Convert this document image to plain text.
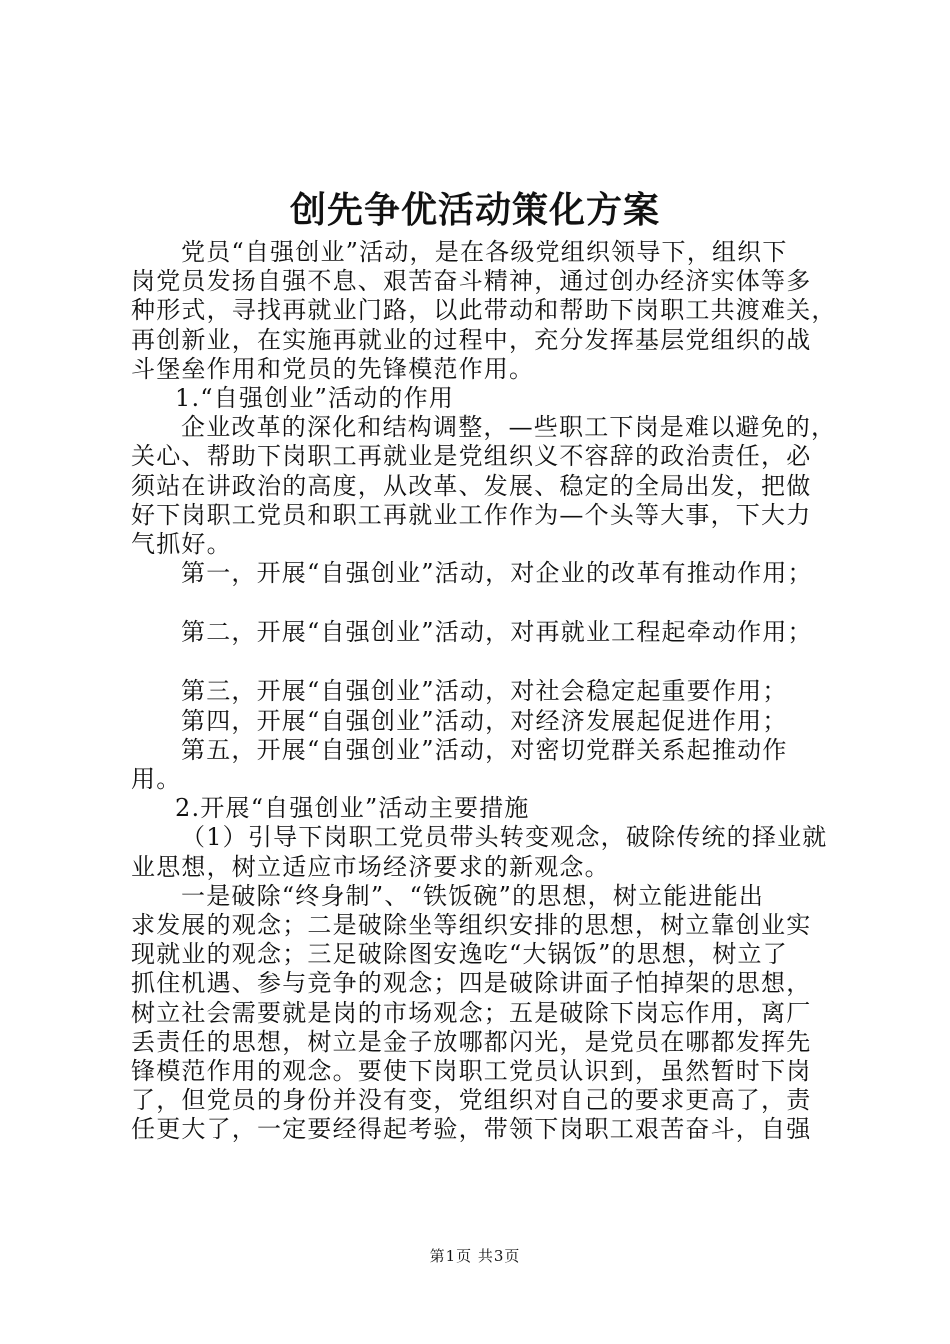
创先争优活动策化方案
党员“自强创业”活动，是在各级党组织领导下，组织下
岗党员发扬自强不息、艰苦奋斗精神，通过创办经济实体等多
种形式，寻找再就业门路，以此带动和帮助下岗职工共渡难关，
再创新业，在实施再就业的过程中，充分发挥基层党组织的战
斗堡垒作用和党员的先锋模范作用。
1.“自强创业”活动的作用
企业改革的深化和结构调整，—些职工下岗是难以避免的，
关心、帮助下岗职工再就业是党组织义不容辞的政治责任，必
须站在讲政治的高度，从改革、发展、稳定的全局出发，把做
好下岗职工党员和职工再就业工作作为—个头等大事，下大力
气抓好。
第一，开展“自强创业”活动，对企业的改革有推动作用；
第二，开展“自强创业”活动，对再就业工程起牵动作用；
第三，开展“自强创业”活动，对社会稳定起重要作用；
第四，开展“自强创业”活动，对经济发展起促进作用；
第五，开展“自强创业”活动，对密切党群关系起推动作
用。
2.开展“自强创业”活动主要措施
（1）引导下岗职工党员带头转变观念，破除传统的择业就
业思想，树立适应市场经济要求的新观念。
一是破除“终身制”、“铁饭碗”的思想，树立能进能出
求发展的观念；二是破除坐等组织安排的思想，树立靠创业实
现就业的观念；三足破除图安逸吃“大锅饭”的思想，树立了
抓住机遇、参与竞争的观念；四是破除讲面子怕掉架的思想，
树立社会需要就是岗的市场观念；五是破除下岗忘作用，离厂
丢责任的思想，树立是金子放哪都闪光，是党员在哪都发挥先
锋模范作用的观念。要使下岗职工党员认识到，虽然暂时下岗
了，但党员的身份并没有变，党组织对自己的要求更高了，责
任更大了，一定要经得起考验，带领下岗职工艰苦奋斗，自强
第1页 共3页
